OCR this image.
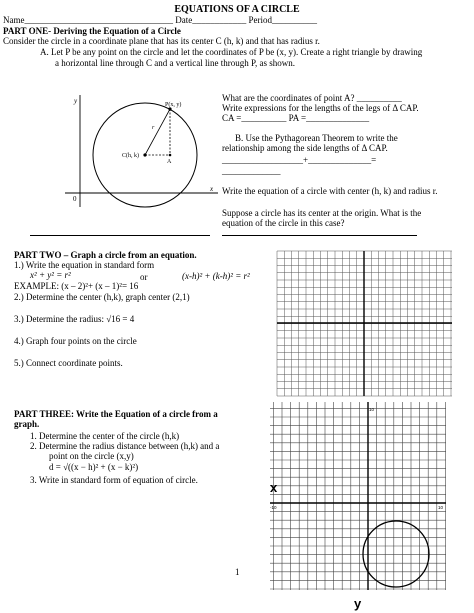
EQUATIONS OF A CIRCLE
Name_________________________________ Date____________ Period__________
PART ONE- Deriving the Equation of a Circle
Consider the circle in a coordinate plane that has its center C (h, k) and that has radius r.
A. Let P be any point on the circle and let the coordinates of P be (x, y). Create a right triangle by drawing
a horizontal line through C and a vertical line through P, as shown.
y
x
0
P(x, y)
C(h, k)
A
r
What are the coordinates of point A? __________
Write expressions for the lengths of the legs of Δ CAP.
CA =__________ PA =______________
B. Use the Pythagorean Theorem to write the
relationship among the side lengths of Δ CAP.
__________________+______________=
_____________
Write the equation of a circle with center (h, k) and radius r.
Suppose a circle has its center at the origin. What is the
equation of the circle in this case?
PART TWO – Graph a circle from an equation.
1.) Write the equation in standard form
x² + y² = r²	or	(x-h)² + (k-h)² = r²
EXAMPLE: (x – 2)²+ (x – 1)²= 16
2.) Determine the center (h,k), graph center (2,1)
3.) Determine the radius: √16 = 4
4.) Graph four points on the circle
5.) Connect coordinate points.
PART THREE: Write the Equation of a circle from a
graph.
1. Determine the center of the circle (h,k)
2. Determine the radius distance between (h,k) and a
point on the circle (x,y)
d = √((x − h)² + (x − k)²)
3. Write in standard form of equation of circle.	x
y
10
-10	10
1
